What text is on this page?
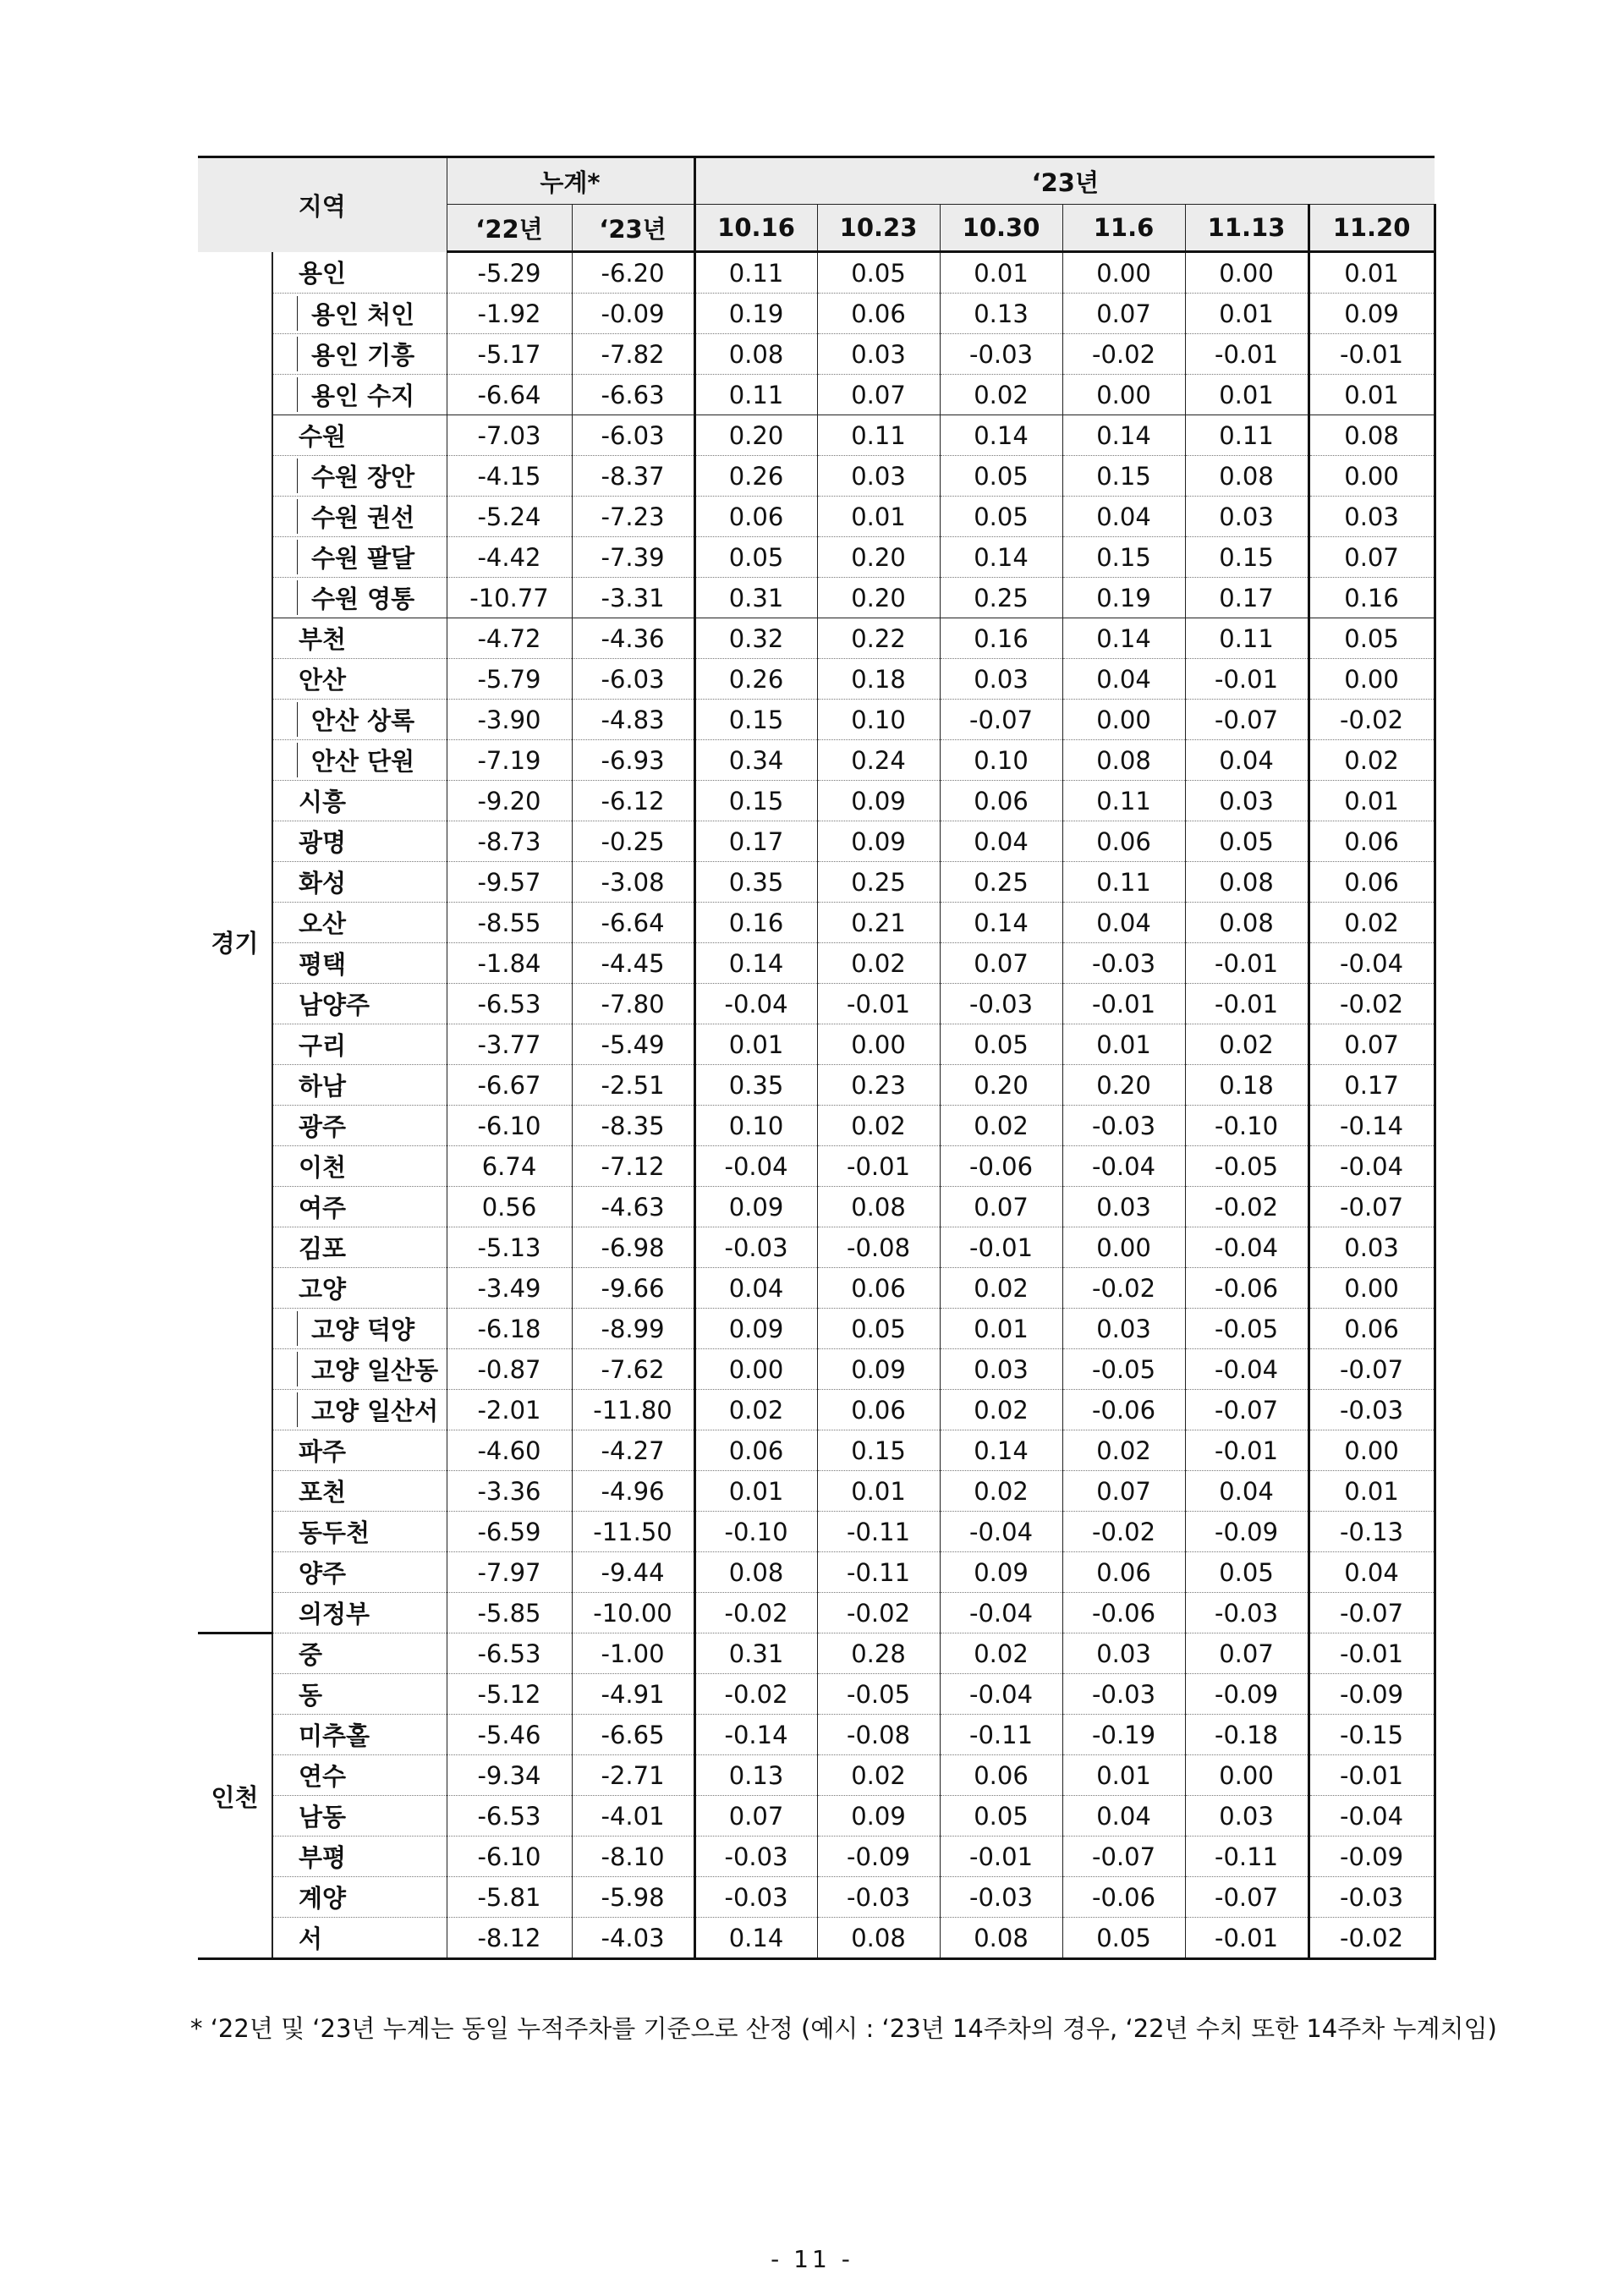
지역		누계*		‘23년					
		‘22년	‘23년	10.16	10.23	10.30	11.6	11.13	11.20
경기	용인	-5.29	-6.20	0.11	0.05	0.01	0.00	0.00	0.01
	용인 처인	-1.92	-0.09	0.19	0.06	0.13	0.07	0.01	0.09
	용인 기흥	-5.17	-7.82	0.08	0.03	-0.03	-0.02	-0.01	-0.01
	용인 수지	-6.64	-6.63	0.11	0.07	0.02	0.00	0.01	0.01
	수원	-7.03	-6.03	0.20	0.11	0.14	0.14	0.11	0.08
	수원 장안	-4.15	-8.37	0.26	0.03	0.05	0.15	0.08	0.00
	수원 권선	-5.24	-7.23	0.06	0.01	0.05	0.04	0.03	0.03
	수원 팔달	-4.42	-7.39	0.05	0.20	0.14	0.15	0.15	0.07
	수원 영통	-10.77	-3.31	0.31	0.20	0.25	0.19	0.17	0.16
	부천	-4.72	-4.36	0.32	0.22	0.16	0.14	0.11	0.05
	안산	-5.79	-6.03	0.26	0.18	0.03	0.04	-0.01	0.00
	안산 상록	-3.90	-4.83	0.15	0.10	-0.07	0.00	-0.07	-0.02
	안산 단원	-7.19	-6.93	0.34	0.24	0.10	0.08	0.04	0.02
	시흥	-9.20	-6.12	0.15	0.09	0.06	0.11	0.03	0.01
	광명	-8.73	-0.25	0.17	0.09	0.04	0.06	0.05	0.06
	화성	-9.57	-3.08	0.35	0.25	0.25	0.11	0.08	0.06
	오산	-8.55	-6.64	0.16	0.21	0.14	0.04	0.08	0.02
	평택	-1.84	-4.45	0.14	0.02	0.07	-0.03	-0.01	-0.04
	남양주	-6.53	-7.80	-0.04	-0.01	-0.03	-0.01	-0.01	-0.02
	구리	-3.77	-5.49	0.01	0.00	0.05	0.01	0.02	0.07
	하남	-6.67	-2.51	0.35	0.23	0.20	0.20	0.18	0.17
	광주	-6.10	-8.35	0.10	0.02	0.02	-0.03	-0.10	-0.14
	이천	6.74	-7.12	-0.04	-0.01	-0.06	-0.04	-0.05	-0.04
	여주	0.56	-4.63	0.09	0.08	0.07	0.03	-0.02	-0.07
	김포	-5.13	-6.98	-0.03	-0.08	-0.01	0.00	-0.04	0.03
	고양	-3.49	-9.66	0.04	0.06	0.02	-0.02	-0.06	0.00
	고양 덕양	-6.18	-8.99	0.09	0.05	0.01	0.03	-0.05	0.06
	고양 일산동	-0.87	-7.62	0.00	0.09	0.03	-0.05	-0.04	-0.07
	고양 일산서	-2.01	-11.80	0.02	0.06	0.02	-0.06	-0.07	-0.03
	파주	-4.60	-4.27	0.06	0.15	0.14	0.02	-0.01	0.00
	포천	-3.36	-4.96	0.01	0.01	0.02	0.07	0.04	0.01
	동두천	-6.59	-11.50	-0.10	-0.11	-0.04	-0.02	-0.09	-0.13
	양주	-7.97	-9.44	0.08	-0.11	0.09	0.06	0.05	0.04
	의정부	-5.85	-10.00	-0.02	-0.02	-0.04	-0.06	-0.03	-0.07
인천	중	-6.53	-1.00	0.31	0.28	0.02	0.03	0.07	-0.01
	동	-5.12	-4.91	-0.02	-0.05	-0.04	-0.03	-0.09	-0.09
	미추홀	-5.46	-6.65	-0.14	-0.08	-0.11	-0.19	-0.18	-0.15
	연수	-9.34	-2.71	0.13	0.02	0.06	0.01	0.00	-0.01
	남동	-6.53	-4.01	0.07	0.09	0.05	0.04	0.03	-0.04
	부평	-6.10	-8.10	-0.03	-0.09	-0.01	-0.07	-0.11	-0.09
	계양	-5.81	-5.98	-0.03	-0.03	-0.03	-0.06	-0.07	-0.03
	서	-8.12	-4.03	0.14	0.08	0.08	0.05	-0.01	-0.02
* ‘22년 및 ‘23년 누계는 동일 누적주차를 기준으로 산정 (예시 : ‘23년 14주차의 경우, ‘22년 수치 또한 14주차 누계치임)
- 11 -
